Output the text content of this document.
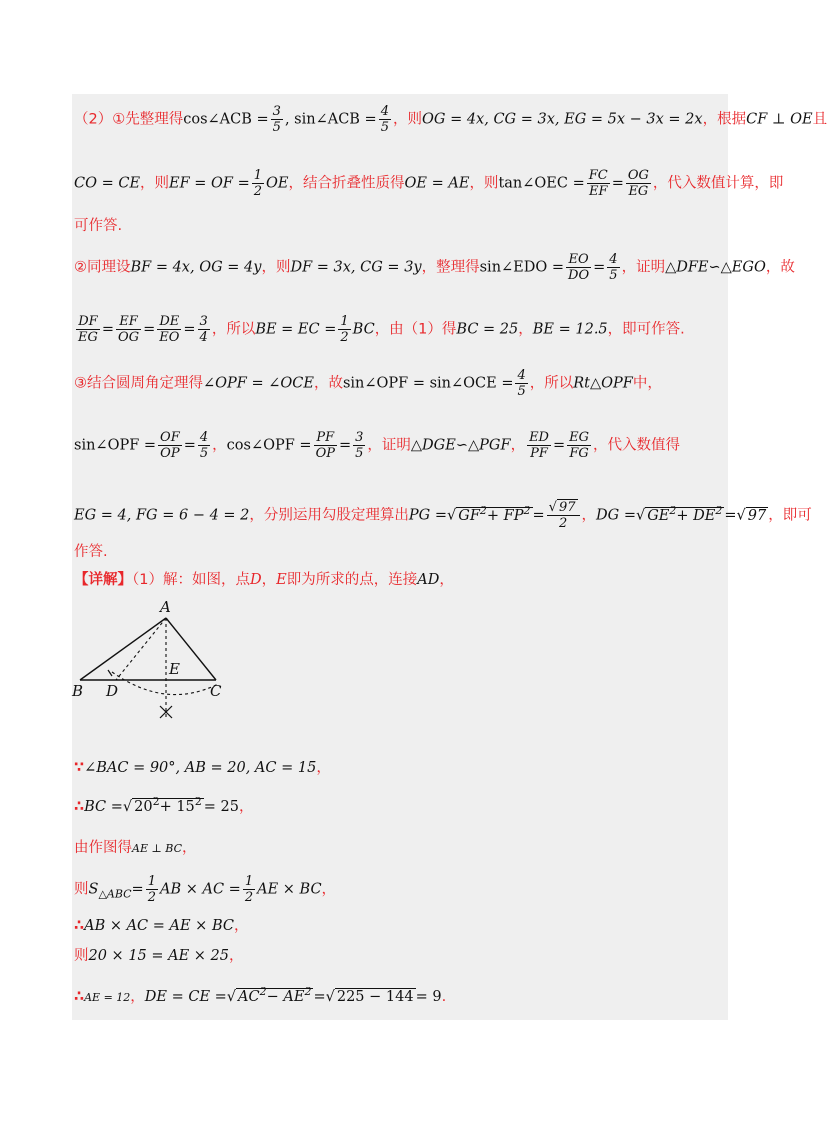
（2）①先整理得cos∠ACB = $\frac{3}{5}$ , sin∠ACB = $\frac{4}{5}$ ，则OG = 4x, CG = 3x, EG = 5x − 3x = 2x，根据CF ⊥ OE且
CO = CE，则EF = OF = $\frac{1}{2}$ OE，结合折叠性质得OE = AE，则tan∠OEC = $\frac{FC}{EF} = \frac{OG}{EG}$ ，代入数值计算，即
可作答.
②同理设BF = 4x, OG = 4y，则DF = 3x, CG = 3y，整理得sin∠EDO = $\frac{EO}{DO} = \frac{4}{5}$ ，证明△DFE∽△EGO，故
$\frac{DF}{EG} = \frac{EF}{OG} = \frac{DE}{EO} = \frac{3}{4}$ ，所以BE = EC = $\frac{1}{2}$ BC，由（1）得BC = 25，BE = 12.5，即可作答.
③结合圆周角定理得∠OPF = ∠OCE，故sin∠OPF = sin∠OCE = $\frac{4}{5}$ ，所以Rt△OPF中，
sin∠OPF = $\frac{OF}{OP} = \frac{4}{5}$ ，cos∠OPF = $\frac{PF}{OP} = \frac{3}{5}$ ，证明△DGE∽△PGF， $\frac{ED}{PF} = \frac{EG}{FG}$ ，代入数值得
EG = 4, FG = 6 − 4 = 2，分别运用勾股定理算出PG =√ $GF^2+ FP^2 = \frac{√ 97}{2}$ ，DG =√ $GE^2+ DE^2$ =√ 97 ，即可
作答.
【详解】（1）解：如图，点D，E即为所求的点，连接AD，
A
B	C
D
E
∵∠BAC = 90°, AB = 20, AC = 15，
∴BC =√ $20^2+ 15^2 = 25$，
由作图得AE ⊥ BC，
则$S_{\triangle ABC}= \frac{1}{2}$ AB × AC = $\frac{1}{2}$ AE × BC，
∴AB × AC = AE × BC，
则20 × 15 = AE × 25，
∴AE = 12，DE = CE =√ $AC^2- AE^2$ =√ 225 − 144 = 9.
